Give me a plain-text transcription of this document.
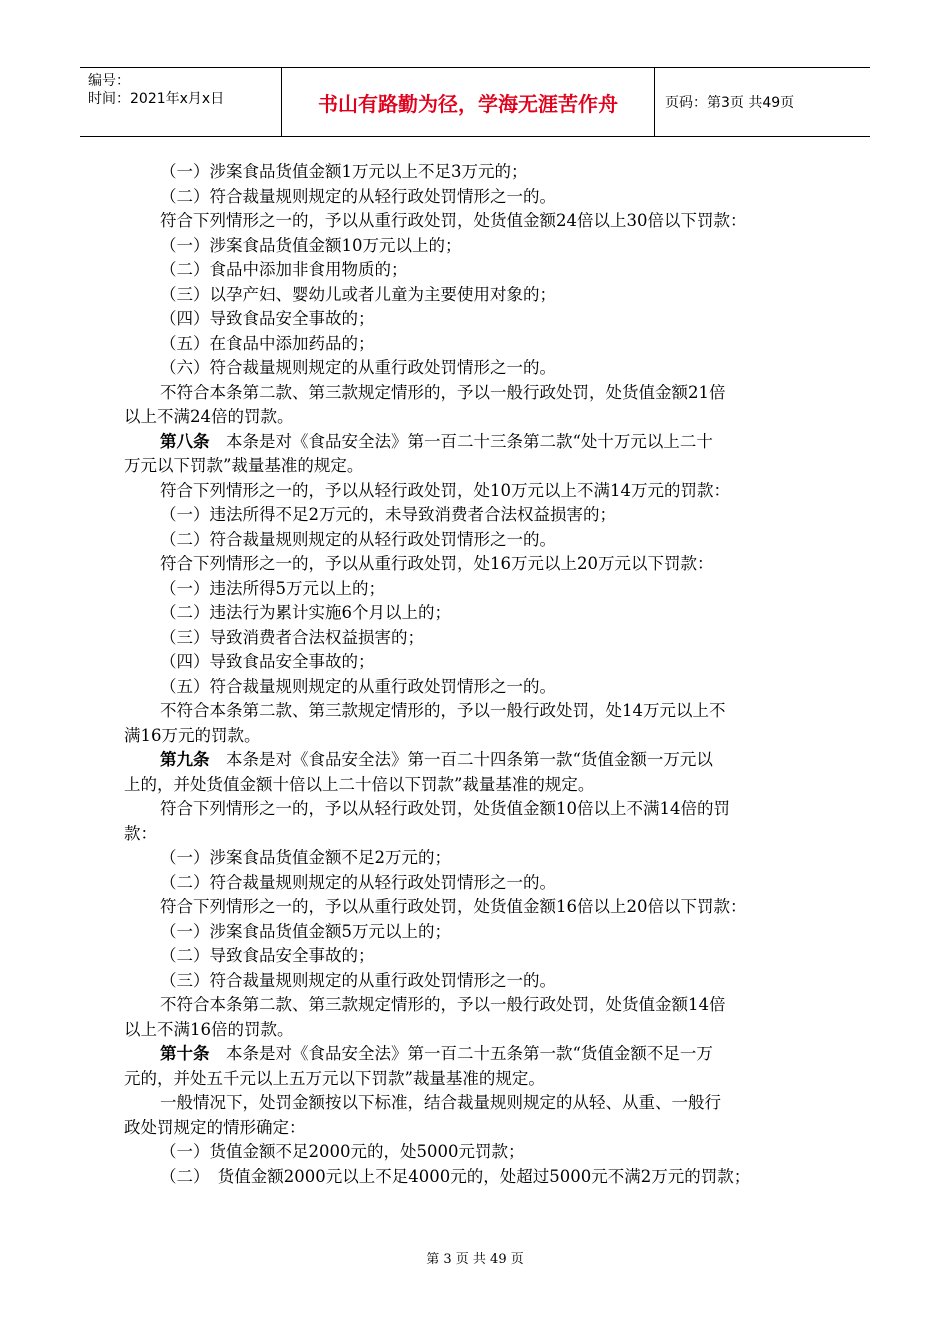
编号：
时间：2021年x月x日	书山有路勤为径，学海无涯苦作舟	页码：第3页 共49页
（一）涉案食品货值金额1万元以上不足3万元的；
（二）符合裁量规则规定的从轻行政处罚情形之一的。
符合下列情形之一的，予以从重行政处罚，处货值金额24倍以上30倍以下罚款：
（一）涉案食品货值金额10万元以上的；
（二）食品中添加非食用物质的；
（三）以孕产妇、婴幼儿或者儿童为主要使用对象的；
（四）导致食品安全事故的；
（五）在食品中添加药品的；
（六）符合裁量规则规定的从重行政处罚情形之一的。
不符合本条第二款、第三款规定情形的，予以一般行政处罚，处货值金额21倍
以上不满24倍的罚款。
第八条　本条是对《食品安全法》第一百二十三条第二款“处十万元以上二十
万元以下罚款”裁量基准的规定。
符合下列情形之一的，予以从轻行政处罚，处10万元以上不满14万元的罚款：
（一）违法所得不足2万元的，未导致消费者合法权益损害的；
（二）符合裁量规则规定的从轻行政处罚情形之一的。
符合下列情形之一的，予以从重行政处罚，处16万元以上20万元以下罚款：
（一）违法所得5万元以上的；
（二）违法行为累计实施6个月以上的；
（三）导致消费者合法权益损害的；
（四）导致食品安全事故的；
（五）符合裁量规则规定的从重行政处罚情形之一的。
不符合本条第二款、第三款规定情形的，予以一般行政处罚，处14万元以上不
满16万元的罚款。
第九条　本条是对《食品安全法》第一百二十四条第一款“货值金额一万元以
上的，并处货值金额十倍以上二十倍以下罚款”裁量基准的规定。
符合下列情形之一的，予以从轻行政处罚，处货值金额10倍以上不满14倍的罚
款：
（一）涉案食品货值金额不足2万元的；
（二）符合裁量规则规定的从轻行政处罚情形之一的。
符合下列情形之一的，予以从重行政处罚，处货值金额16倍以上20倍以下罚款：
（一）涉案食品货值金额5万元以上的；
（二）导致食品安全事故的；
（三）符合裁量规则规定的从重行政处罚情形之一的。
不符合本条第二款、第三款规定情形的，予以一般行政处罚，处货值金额14倍
以上不满16倍的罚款。
第十条　本条是对《食品安全法》第一百二十五条第一款“货值金额不足一万
元的，并处五千元以上五万元以下罚款”裁量基准的规定。
一般情况下，处罚金额按以下标准，结合裁量规则规定的从轻、从重、一般行
政处罚规定的情形确定：
（一）货值金额不足2000元的，处5000元罚款；
（二）　货值金额2000元以上不足4000元的，处超过5000元不满2万元的罚款；
第 3 页 共 49 页
